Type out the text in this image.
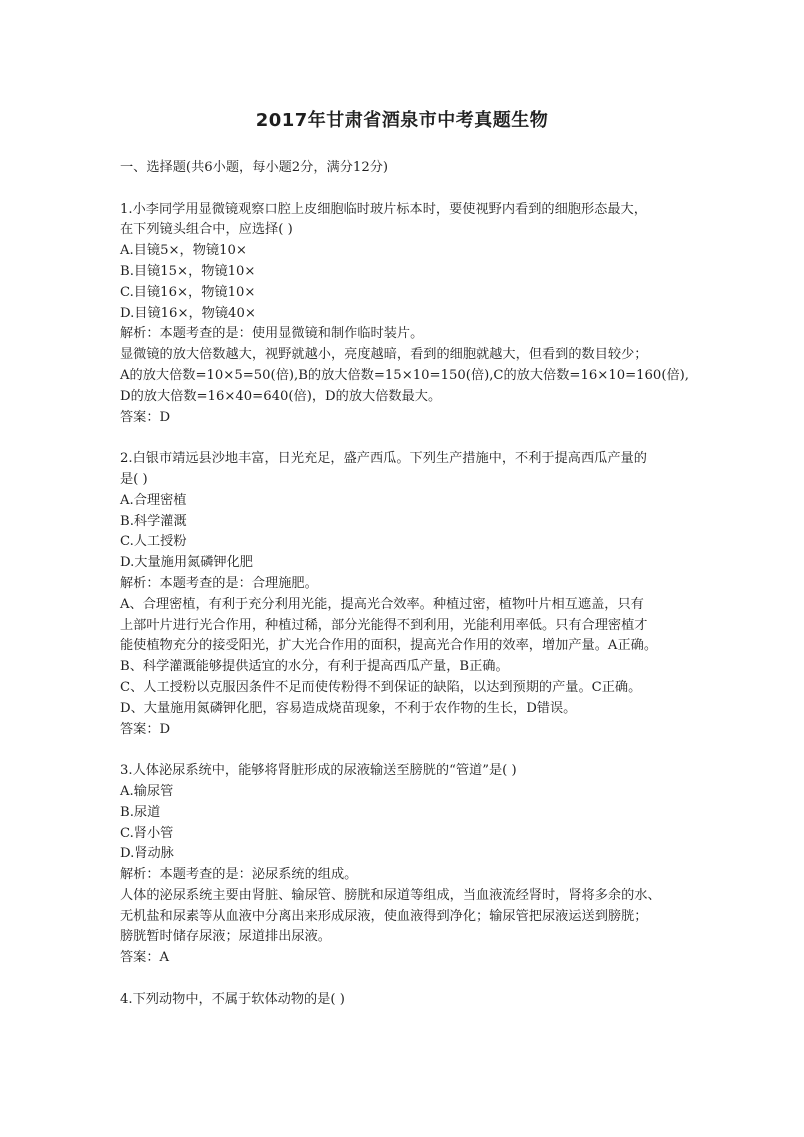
2017年甘肃省酒泉市中考真题生物
一、选择题(共6小题，每小题2分，满分12分)
1.小李同学用显微镜观察口腔上皮细胞临时玻片标本时，要使视野内看到的细胞形态最大，
在下列镜头组合中，应选择( )
A.目镜5×，物镜10×
B.目镜15×，物镜10×
C.目镜16×，物镜10×
D.目镜16×，物镜40×
解析：本题考查的是：使用显微镜和制作临时装片。
显微镜的放大倍数越大，视野就越小，亮度越暗，看到的细胞就越大，但看到的数目较少；
A的放大倍数=10×5=50(倍),B的放大倍数=15×10=150(倍),C的放大倍数=16×10=160(倍),
D的放大倍数=16×40=640(倍)，D的放大倍数最大。
答案：D
2.白银市靖远县沙地丰富，日光充足，盛产西瓜。下列生产措施中，不利于提高西瓜产量的
是( )
A.合理密植
B.科学灌溉
C.人工授粉
D.大量施用氮磷钾化肥
解析：本题考查的是：合理施肥。
A、合理密植，有利于充分利用光能，提高光合效率。种植过密，植物叶片相互遮盖，只有
上部叶片进行光合作用，种植过稀，部分光能得不到利用，光能利用率低。只有合理密植才
能使植物充分的接受阳光，扩大光合作用的面积，提高光合作用的效率，增加产量。A正确。
B、科学灌溉能够提供适宜的水分，有利于提高西瓜产量，B正确。
C、人工授粉以克服因条件不足而使传粉得不到保证的缺陷，以达到预期的产量。C正确。
D、大量施用氮磷钾化肥，容易造成烧苗现象，不利于农作物的生长，D错误。
答案：D
3.人体泌尿系统中，能够将肾脏形成的尿液输送至膀胱的“管道”是( )
A.输尿管
B.尿道
C.肾小管
D.肾动脉
解析：本题考查的是：泌尿系统的组成。
人体的泌尿系统主要由肾脏、输尿管、膀胱和尿道等组成，当血液流经肾时，肾将多余的水、
无机盐和尿素等从血液中分离出来形成尿液，使血液得到净化；输尿管把尿液运送到膀胱；
膀胱暂时储存尿液；尿道排出尿液。
答案：A
4.下列动物中，不属于软体动物的是( )
